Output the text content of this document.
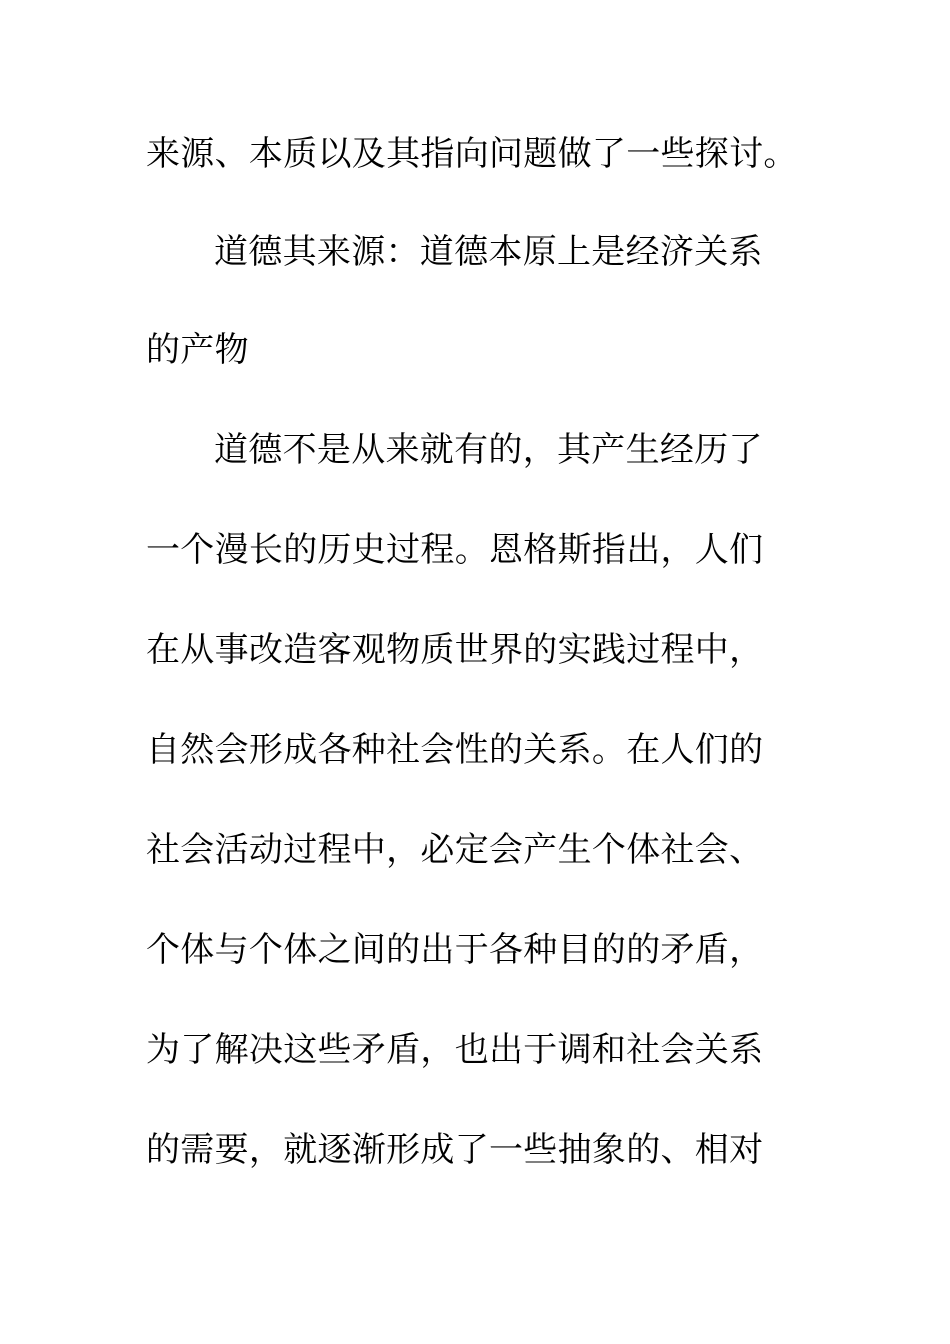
来源、本质以及其指向问题做了一些探讨。
道德其来源：道德本原上是经济关系
的产物
道德不是从来就有的，其产生经历了
一个漫长的历史过程。恩格斯指出，人们
在从事改造客观物质世界的实践过程中，
自然会形成各种社会性的关系。在人们的
社会活动过程中，必定会产生个体社会、
个体与个体之间的出于各种目的的矛盾，
为了解决这些矛盾，也出于调和社会关系
的需要，就逐渐形成了一些抽象的、相对
